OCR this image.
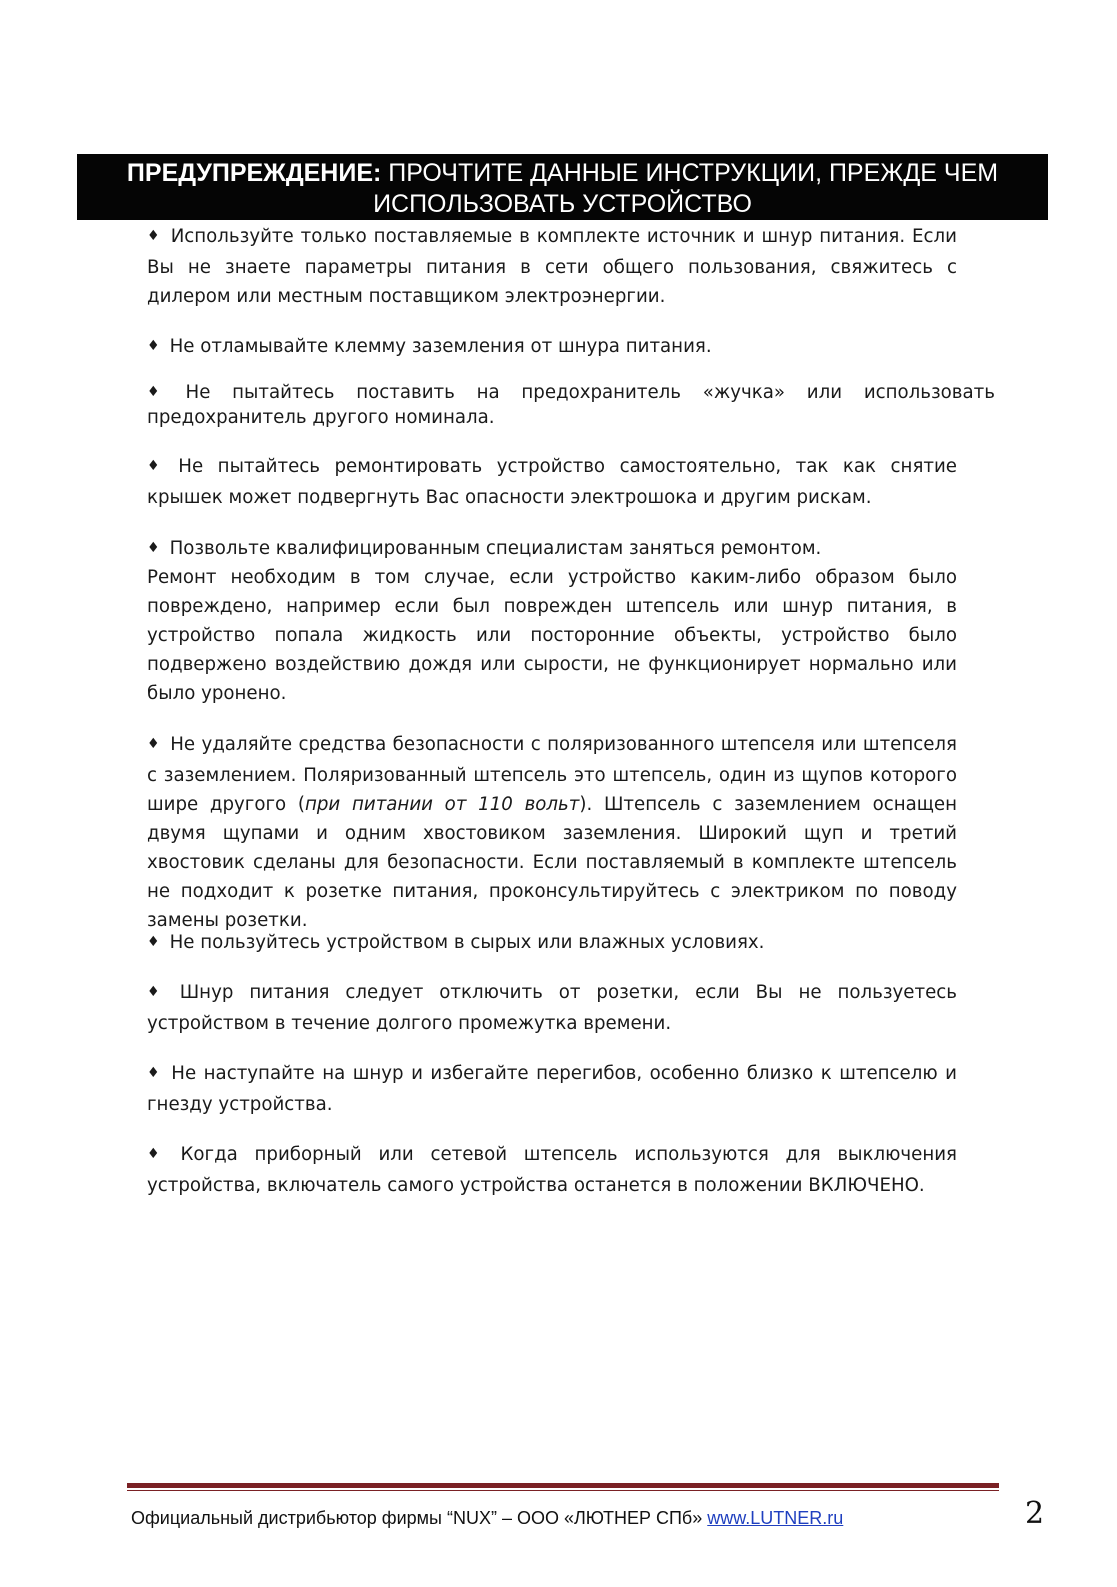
ПРЕДУПРЕЖДЕНИЕ: ПРОЧТИТЕ ДАННЫЕ ИНСТРУКЦИИ, ПРЕЖДЕ ЧЕМ
ИСПОЛЬЗОВАТЬ УСТРОЙСТВО

♦ Используйте только поставляемые в комплекте источник и шнур питания. Если Вы не знаете параметры питания в сети общего пользования, свяжитесь с дилером или местным поставщиком электроэнергии.

♦ Не отламывайте клемму заземления от шнура питания.

♦ Не пытайтесь поставить на предохранитель «жучка» или использовать предохранитель другого номинала.

♦ Не пытайтесь ремонтировать устройство самостоятельно, так как снятие крышек может подвергнуть Вас опасности электрошока и другим рискам.

♦ Позвольте квалифицированным специалистам заняться ремонтом.

Ремонт необходим в том случае, если устройство каким-либо образом было повреждено, например если был поврежден штепсель или шнур питания, в устройство попала жидкость или посторонние объекты, устройство было подвержено воздействию дождя или сырости, не функционирует нормально или было уронено.

♦ Не удаляйте средства безопасности с поляризованного штепселя или штепселя с заземлением. Поляризованный штепсель это штепсель, один из щупов которого шире другого (при питании от 110 вольт). Штепсель с заземлением оснащен двумя щупами и одним хвостовиком заземления. Широкий щуп и третий хвостовик сделаны для безопасности. Если поставляемый в комплекте штепсель не подходит к розетке питания, проконсультируйтесь с электриком по поводу замены розетки.

♦ Не пользуйтесь устройством в сырых или влажных условиях.

♦ Шнур питания следует отключить от розетки, если Вы не пользуетесь устройством в течение долгого промежутка времени.

♦ Не наступайте на шнур и избегайте перегибов, особенно близко к штепселю и гнезду устройства.

♦ Когда приборный или сетевой штепсель используются для выключения устройства, включатель самого устройства останется в положении ВКЛЮЧЕНО.

Официальный дистрибьютор фирмы “NUX” – ООО «ЛЮТНЕР СПб» www.LUTNER.ru	2
